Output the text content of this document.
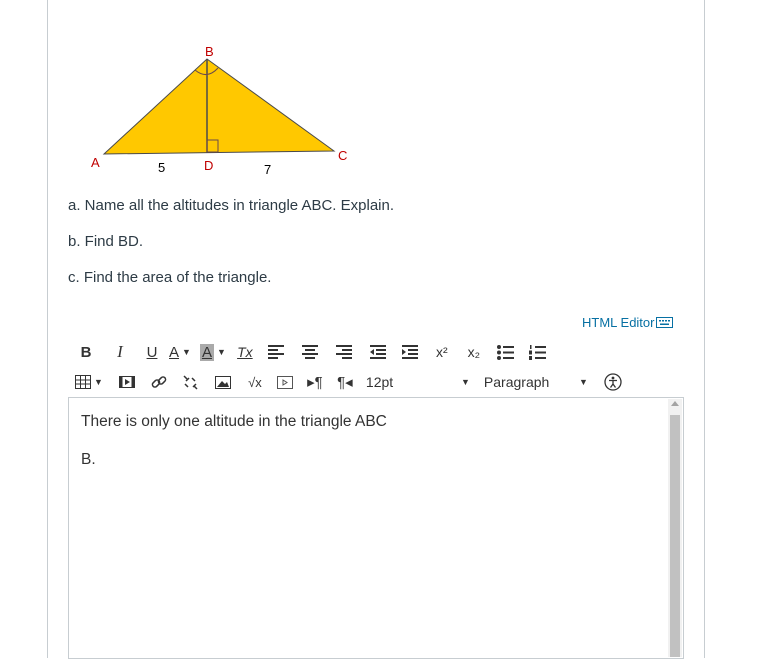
B
A	C
D
5	7

a. Name all the altitudes in triangle ABC. Explain.

b. Find BD.

c. Find the area of the triangle.

HTML Editor
B	I	U A ▼ A ▼ Tx	x²	x₂
▼	√x	▸¶ ¶◂ 12pt	▼ Paragraph	▼

There is only one altitude in the triangle ABC

B.
